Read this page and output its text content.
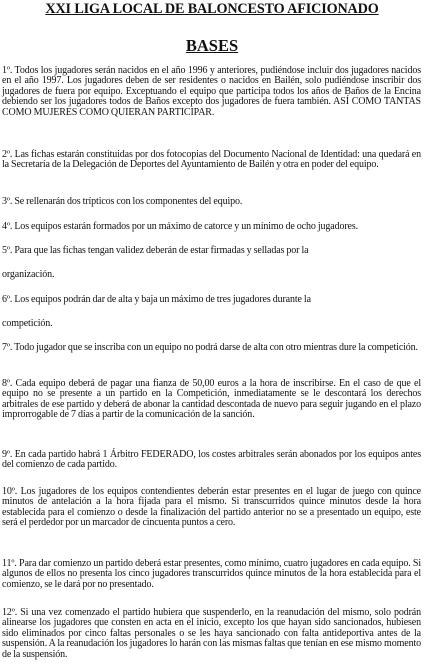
XXI LIGA LOCAL DE BALONCESTO AFICIONADO
BASES
1º. Todos los jugadores serán nacidos en el año 1996 y anteriores, pudiéndose incluir dos jugadores nacidos en el año 1997. Los jugadores deben de ser residentes o nacidos en Bailén, solo pudiéndose inscribir dos jugadores de fuera por equipo. Exceptuando el equipo que participa todos los años de Baños de la Encina debiendo ser los jugadores todos de Baños excepto dos jugadores de fuera también. ASÍ COMO TANTAS COMO MUJERES COMO QUIERAN PARTICIPAR.
2º. Las fichas estarán constituidas por dos fotocopias del Documento Nacional de Identidad: una quedará en la Secretaría de la Delegación de Deportes del Ayuntamiento de Bailén y otra en poder del equipo.
3º. Se rellenarán dos trípticos con los componentes del equipo.
4º. Los equipos estarán formados por un máximo de catorce y un mínimo de ocho jugadores.
5º. Para que las fichas tengan validez deberán de estar firmadas y selladas por la
organización.
6º. Los equipos podrán dar de alta y baja un máximo de tres jugadores durante la
competición.
7º. Todo jugador que se inscriba con un equipo no podrá darse de alta con otro mientras dure la competición.
8º. Cada equipo deberá de pagar una fianza de 50,00 euros a la hora de inscribirse. En el caso de que el equipo no se presente a un partido en la Competición, inmediatamente se le descontará los derechos arbitrales de ese partido y deberá de abonar la cantidad descontada de nuevo para seguir jugando en el plazo improrrogable de 7 días a partir de la comunicación de la sanción.
9º. En cada partido habrá 1 Árbitro FEDERADO, los costes arbitrales serán abonados por los equipos antes del comienzo de cada partido.
10º. Los jugadores de los equipos contendientes deberán estar presentes en el lugar de juego con quince minutos de antelación a la hora fijada para el mismo. Si transcurridos quince minutos desde la hora establecida para el comienzo o desde la finalización del partido anterior no se a presentado un equipo, este será el perdedor por un marcador de cincuenta puntos a cero.
11º. Para dar comienzo un partido deberá estar presentes, como mínimo, cuatro jugadores en cada equipo. Si algunos de ellos no presenta los cinco jugadores transcurridos quince minutos de la hora establecida para el comienzo, se le dará por no presentado.
12º. Si una vez comenzado el partido hubiera que suspenderlo, en la reanudación del mismo, solo podrán alinearse los jugadores que consten en acta en el inicio, excepto los que hayan sido sancionados, hubiesen sido eliminados por cinco faltas personales o se les haya sancionado con falta antideportiva antes de la suspensión. A la reanudación los jugadores lo harán con las mismas faltas que tenían en ese mismo momento de la suspensión.
